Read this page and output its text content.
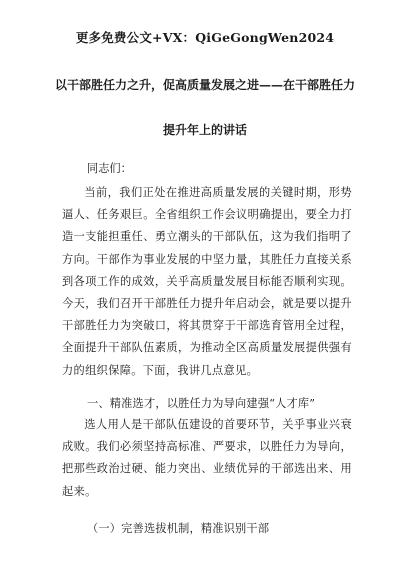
更多免费公文+VX：QiGeGongWen2024
以干部胜任力之升，促高质量发展之进——在干部胜任力
提升年上的讲话
同志们：

当前，我们正处在推进高质量发展的关键时期，形势逼人、任务艰巨。全省组织工作会议明确提出，要全力打造一支能担重任、勇立潮头的干部队伍，这为我们指明了方向。干部作为事业发展的中坚力量，其胜任力直接关系到各项工作的成效，关乎高质量发展目标能否顺利实现。今天，我们召开干部胜任力提升年启动会，就是要以提升干部胜任力为突破口，将其贯穿于干部选育管用全过程，全面提升干部队伍素质，为推动全区高质量发展提供强有力的组织保障。下面，我讲几点意见。

一、精准选才，以胜任力为导向建强“人才库”

选人用人是干部队伍建设的首要环节，关乎事业兴衰成败。我们必须坚持高标准、严要求，以胜任力为导向，把那些政治过硬、能力突出、业绩优异的干部选出来、用起来。

（一）完善选拔机制，精准识别干部
